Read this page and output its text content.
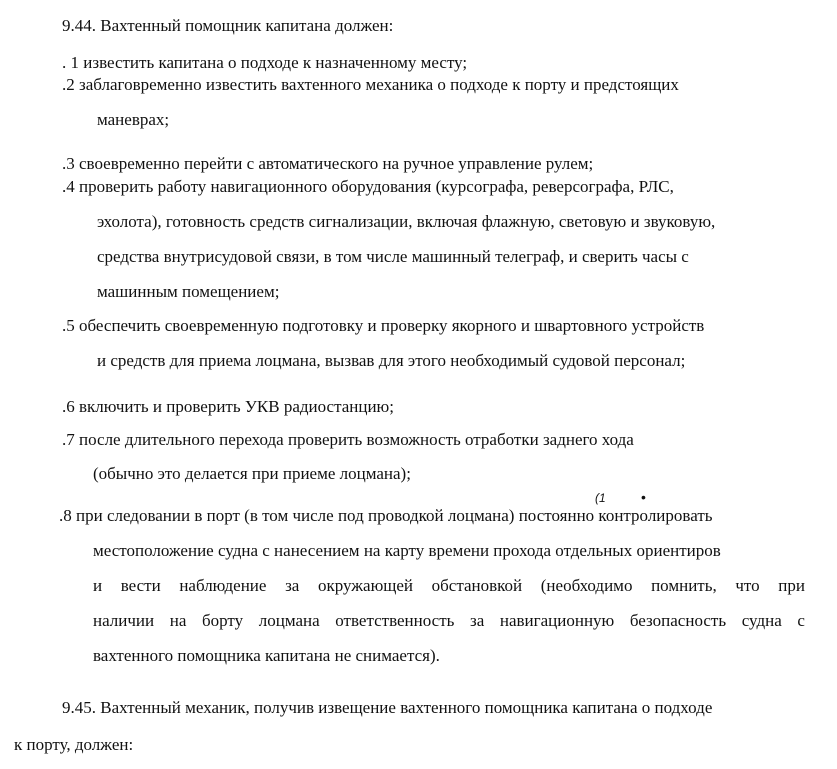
9.44. Вахтенный помощник капитана должен:
. 1 известить капитана о подходе к назначенному месту;
.2 заблаговременно известить вахтенного механика о подходе к порту и предстоящих
маневрах;
.3 своевременно перейти с автоматического на ручное управление рулем;
.4 проверить работу навигационного оборудования (курсографа, реверсографа, РЛС,
эхолота), готовность средств сигнализации, включая флажную, световую и звуковую,
средства внутрисудовой связи, в том числе машинный телеграф, и сверить часы с
машинным помещением;
.5 обеспечить своевременную подготовку и проверку якорного и швартовного устройств
и средств для приема лоцмана, вызвав для этого необходимый судовой персонал;
.6 включить и проверить УКВ радиостанцию;
.7 после длительного перехода проверить возможность отработки заднего хода
(обычно это делается при приеме лоцмана);
(1	•
.8 при следовании в порт (в том числе под проводкой лоцмана) постоянно контролировать
местоположение судна с нанесением на карту времени прохода отдельных ориентиров
и вести наблюдение за окружающей обстановкой (необходимо помнить, что при
наличии на борту лоцмана ответственность за навигационную безопасность судна с
вахтенного помощника капитана не снимается).
9.45. Вахтенный механик, получив извещение вахтенного помощника капитана о подходе
к порту, должен:
